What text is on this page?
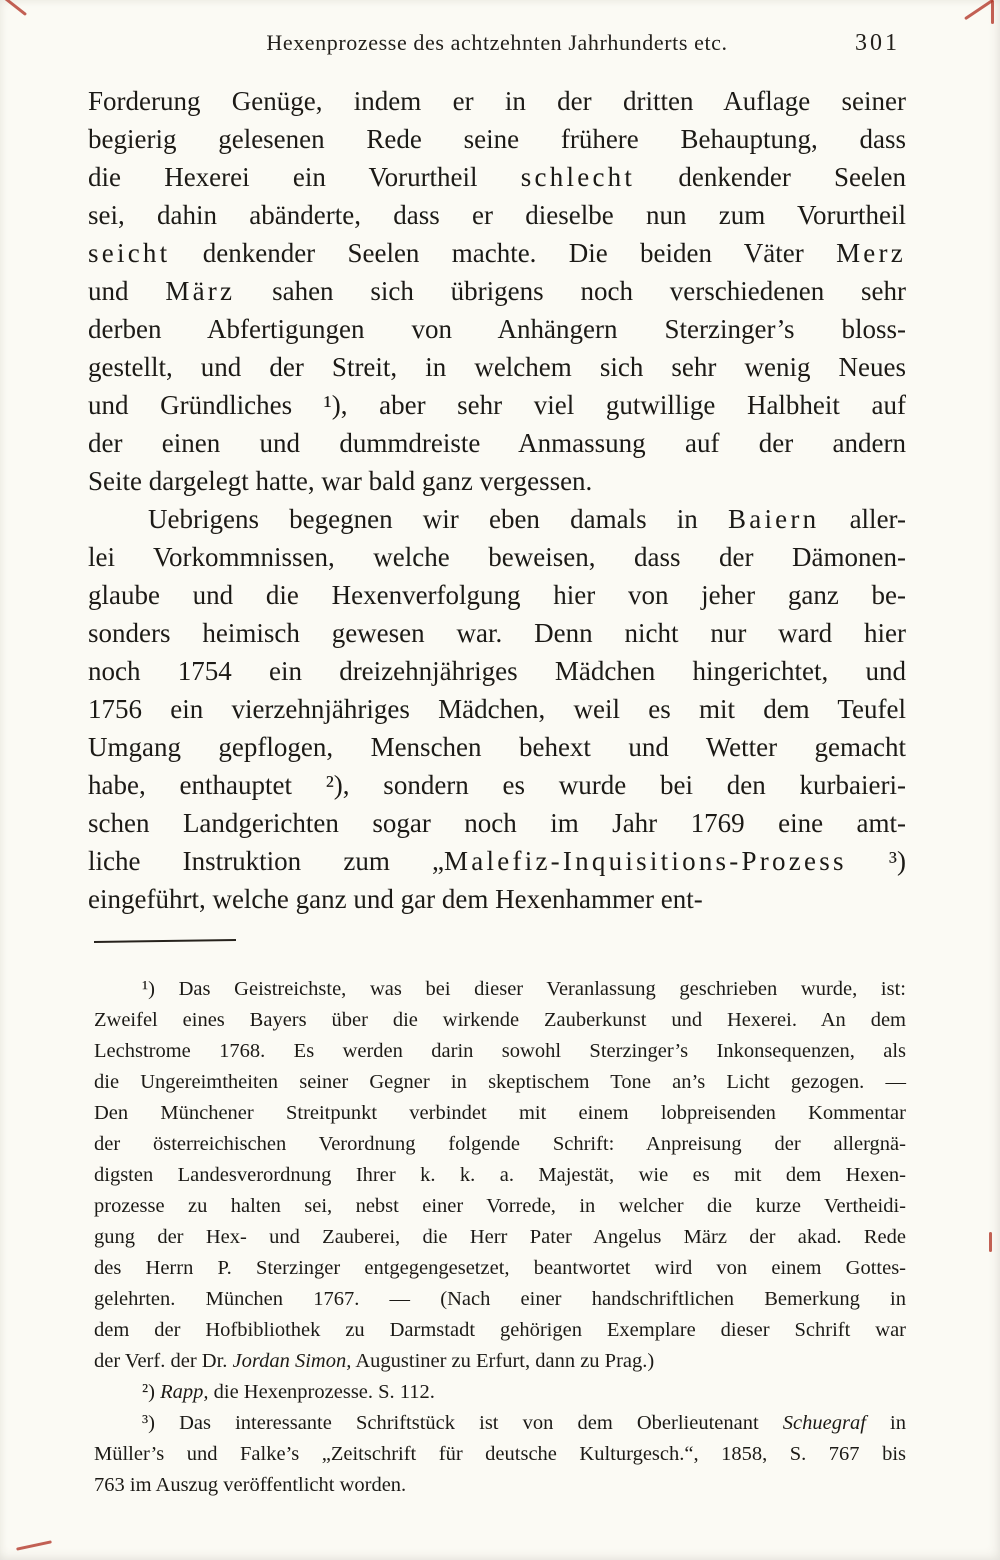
Hexenprozesse des achtzehnten Jahrhunderts etc.	301
Forderung Genüge, indem er in der dritten Auflage seiner
begierig gelesenen Rede seine frühere Behauptung, dass
die Hexerei ein Vorurtheil schlecht denkender Seelen
sei, dahin abänderte, dass er dieselbe nun zum Vorurtheil
seicht denkender Seelen machte. Die beiden Väter Merz
und März sahen sich übrigens noch verschiedenen sehr
derben Abfertigungen von Anhängern Sterzinger’s bloss-
gestellt, und der Streit, in welchem sich sehr wenig Neues
und Gründliches ¹), aber sehr viel gutwillige Halbheit auf
der einen und dummdreiste Anmassung auf der andern
Seite dargelegt hatte, war bald ganz vergessen.
Uebrigens begegnen wir eben damals in Baiern aller-
lei Vorkommnissen, welche beweisen, dass der Dämonen-
glaube und die Hexenverfolgung hier von jeher ganz be-
sonders heimisch gewesen war. Denn nicht nur ward hier
noch 1754 ein dreizehnjähriges Mädchen hingerichtet, und
1756 ein vierzehnjähriges Mädchen, weil es mit dem Teufel
Umgang gepflogen, Menschen behext und Wetter gemacht
habe, enthauptet ²), sondern es wurde bei den kurbaieri-
schen Landgerichten sogar noch im Jahr 1769 eine amt-
liche Instruktion zum „Malefiz-Inquisitions-Prozess ³)
eingeführt, welche ganz und gar dem Hexenhammer ent-
¹) Das Geistreichste, was bei dieser Veranlassung geschrieben wurde, ist:
Zweifel eines Bayers über die wirkende Zauberkunst und Hexerei. An dem
Lechstrome 1768. Es werden darin sowohl Sterzinger’s Inkonsequenzen, als
die Ungereimtheiten seiner Gegner in skeptischem Tone an’s Licht gezogen. —
Den Münchener Streitpunkt verbindet mit einem lobpreisenden Kommentar
der österreichischen Verordnung folgende Schrift: Anpreisung der allergnä-
digsten Landesverordnung Ihrer k. k. a. Majestät, wie es mit dem Hexen-
prozesse zu halten sei, nebst einer Vorrede, in welcher die kurze Vertheidi-
gung der Hex- und Zauberei, die Herr Pater Angelus März der akad. Rede
des Herrn P. Sterzinger entgegengesetzet, beantwortet wird von einem Gottes-
gelehrten. München 1767. — (Nach einer handschriftlichen Bemerkung in
dem der Hofbibliothek zu Darmstadt gehörigen Exemplare dieser Schrift war
der Verf. der Dr. Jordan Simon, Augustiner zu Erfurt, dann zu Prag.)
²) Rapp, die Hexenprozesse. S. 112.
³) Das interessante Schriftstück ist von dem Oberlieutenant Schuegraf in
Müller’s und Falke’s „Zeitschrift für deutsche Kulturgesch.“, 1858, S. 767 bis
763 im Auszug veröffentlicht worden.
